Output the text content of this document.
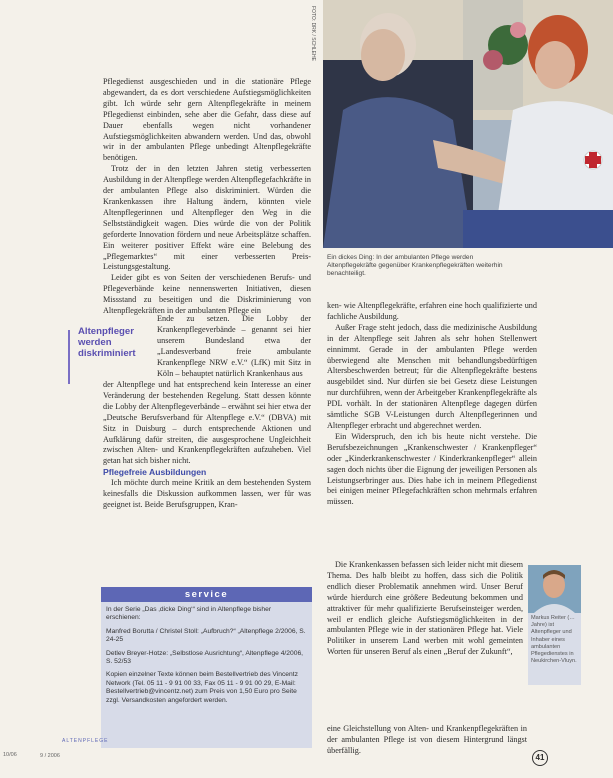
Pflegedienst ausgeschieden und in die stationäre Pflege abgewandert, da es dort verschiedene Aufstiegsmöglichkeiten gibt. Ich würde sehr gern Altenpflegekräfte in meinem Pflegedienst einbinden, sehe aber die Gefahr, dass diese auf Dauer ebenfalls wegen nicht vorhandener Aufstiegsmöglichkeiten abwandern werden. Und das, obwohl wir in der ambulanten Pflege unbedingt Altenpflegekräfte benötigen.

Trotz der in den letzten Jahren stetig verbesserten Ausbildung in der Altenpflege werden Altenpflegefachkräfte in der ambulanten Pflege also diskriminiert. Würden die Krankenkassen ihre Haltung ändern, könnten viele Altenpflegerinnen und Altenpfleger den Weg in die Selbstständigkeit wagen. Dies würde die von der Politik geforderte Innovation fördern und neue Arbeitsplätze schaffen. Ein weiterer positiver Effekt wäre eine Belebung des „Pflegemarktes“ mit einer verbesserten Preis-Leistungsgestaltung.

Leider gibt es von Seiten der verschiedenen Berufs- und Pflegeverbände keine nennenswerten Initiativen, diesen Missstand zu beseitigen und die Diskriminierung von Altenpflegekräften in der ambulanten Pflege ein

Ende zu setzen. Die Lobby der Krankenpflegeverbände – genannt sei hier unserem Bundesland etwa der „Landesverband freie ambulante Krankenpflege NRW e.V.“ (LfK) mit Sitz in Köln – behauptet natürlich Krankenhaus aus

der Altenpflege und hat entsprechend kein Interesse an einer Veränderung der bestehenden Regelung. Statt dessen könnte die Lobby der Altenpflegeverbände – erwähnt sei hier etwa der „Deutsche Berufsverband für Altenpflege e.V.“ (DBVA) mit Sitz in Duisburg – durch entsprechende Aktionen und Aufklärung dafür streiten, die ausgesprochene Ungleichheit zwischen Alten- und Krankenpflegekräften aufzuheben. Viel getan hat sich bisher nicht.

Altenpfleger werden diskriminiert
Pflegefreie Ausbildungen

Ich möchte durch meine Kritik an dem bestehenden System keinesfalls die Diskussion aufkommen lassen, wer für was geeignet ist. Beide Berufsgruppen, Kran-

FOTO: DRK / SCHLEHE
Ein dickes Ding: In der ambulanten Pflege werden Altenpflegekräfte gegenüber Krankenpflegekräften weiterhin benachteiligt.

ken- wie Altenpflegekräfte, erfahren eine hoch qualifizierte und fachliche Ausbildung.

Außer Frage steht jedoch, dass die medizinische Ausbildung in der Altenpflege seit Jahren als sehr hohen Stellenwert einnimmt. Gerade in der ambulanten Pflege werden überwiegend alte Menschen mit behandlungsbedürftigen Altersbeschwerden betreut; für die Altenpflegekräfte bestens ausgebildet sind. Nur dürfen sie bei Gesetz diese Leistungen nur durchführen, wenn der Arbeitgeber Krankenpflegekräfte als PDL vorhält. In der stationären Altenpflege dagegen dürfen sämtliche SGB V-Leistungen durch Altenpflegerinnen und Altenpfleger erbracht und abgerechnet werden.

Ein Widerspruch, den ich bis heute nicht verstehe. Die Berufsbezeichnungen „Krankenschwester / Krankenpfleger“ oder „Kinderkrankenschwester / Kinderkrankenpfleger“ allein sagen doch nichts über die Eignung der jeweiligen Personen als Leistungserbringer aus. Dies habe ich in meinem Pflegedienst bei einigen meiner Pflegefachkräften schon mehrmals erfahren müssen.

Die Krankenkassen befassen sich leider nicht mit diesem Thema. Des halb bleibt zu hoffen, dass sich die Politik endlich dieser Problematik annehmen wird. Unser Beruf würde hierdurch eine größere Bedeutung bekommen und attraktiver für mehr qualifizierte Berufseinsteiger werden, weil er endlich gleiche Aufstiegsmöglichkeiten in der ambulanten Pflege wie in der stationären Pflege hat. Viele Politiker in unserem Land werben mit wohl gemeinten Worten für unseren Beruf als einen „Beruf der Zukunft“,

eine Gleichstellung von Alten- und Krankenpflegekräften in der ambulanten Pflege ist von diesem Hintergrund längst überfällig.

Markus Reiter (… Jahre) ist Altenpfleger und Inhaber eines ambulanten Pflegedienstes in Neukirchen-Vluyn.
service

In der Serie „Das ‚dicke Ding‘“ sind in Altenpflege bisher erschienen:

Manfred Borutta / Christel Stoll: „Aufbruch?“ „Altenpflege 2/2006, S. 24-25

Detlev Breyer-Hotze: „Selbstlose Ausrichtung“, Altenpflege 4/2006, S. 52/53

Kopien einzelner Texte können beim Bestellvertrieb des Vincentz Network (Tel. 05 11 - 9 91 00 33, Fax 05 11 - 9 91 00 29, E-Mail: Bestellvertrieb@vincentz.net) zum Preis von 1,50 Euro pro Seite zzgl. Versandkosten angefordert werden.

10/06	9 / 2006
ALTENPFLEGE
41
